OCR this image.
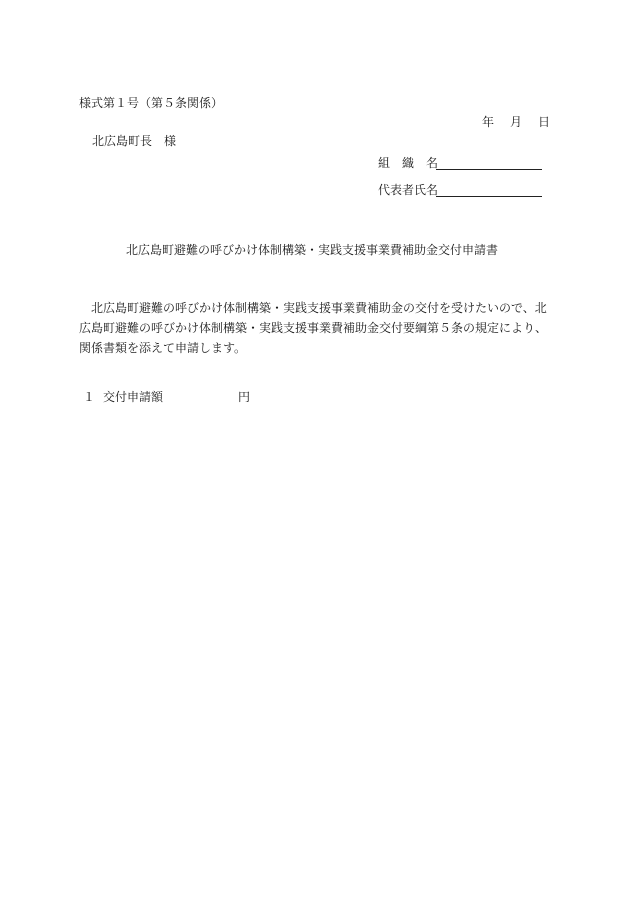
様式第１号（第５条関係）
年 月 日
北広島町長　様
組　織　名
代表者氏名
北広島町避難の呼びかけ体制構築・実践支援事業費補助金交付申請書

北広島町避難の呼びかけ体制構築・実践支援事業費補助金の交付を受けたいので、北広島町避難の呼びかけ体制構築・実践支援事業費補助金交付要綱第５条の規定により、関係書類を添えて申請します。

１ 交付申請額	円
